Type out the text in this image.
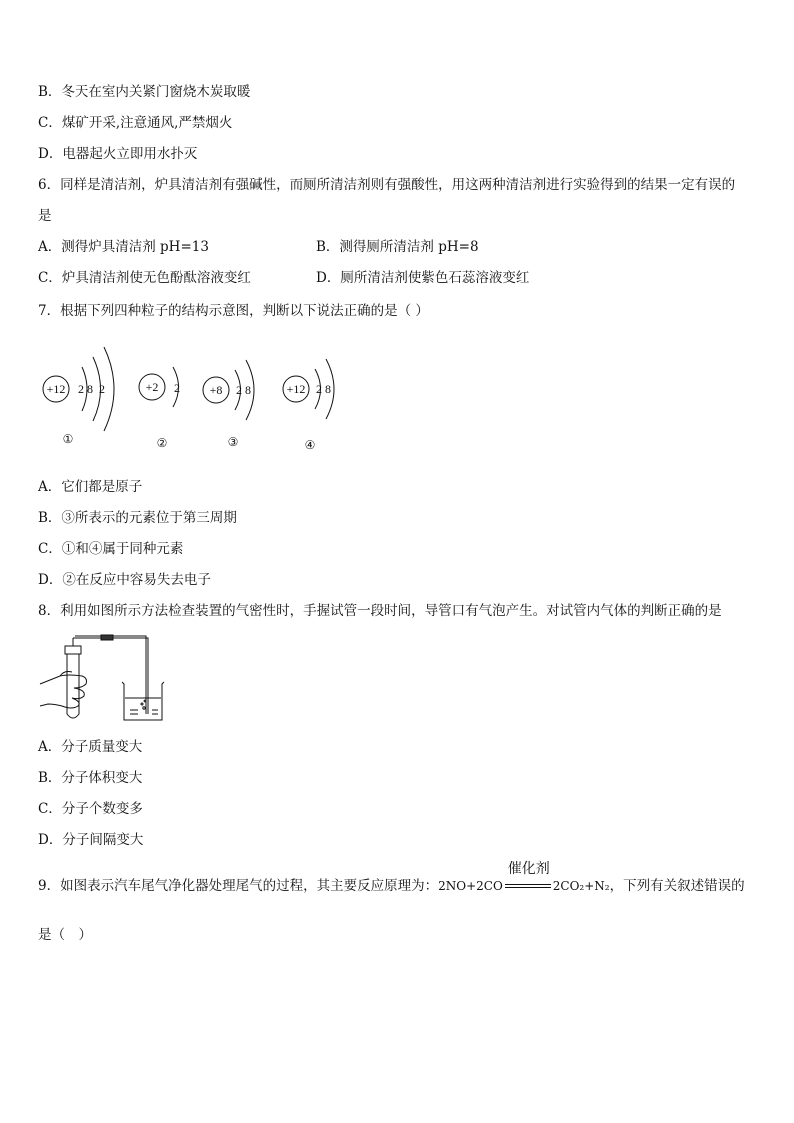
B．冬天在室内关紧门窗烧木炭取暖
C．煤矿开采,注意通风,严禁烟火
D．电器起火立即用水扑灭
6．同样是清洁剂，炉具清洁剂有强碱性，而厕所清洁剂则有强酸性，用这两种清洁剂进行实验得到的结果一定有误的
是
A．测得炉具清洁剂 pH=13	B．测得厕所清洁剂 pH=8
C．炉具清洁剂使无色酚酞溶液变红	D．厕所清洁剂使紫色石蕊溶液变红
7．根据下列四种粒子的结构示意图，判断以下说法正确的是（ ）
+12 2 8  2
①
+2 2
②
+8 2 8
③
+12 2 8
④
A．它们都是原子
B．③所表示的元素位于第三周期
C．①和④属于同种元素
D．②在反应中容易失去电子
8．利用如图所示方法检查装置的气密性时，手握试管一段时间，导管口有气泡产生。对试管内气体的判断正确的是
A．分子质量变大
B．分子体积变大
C．分子个数变多
D．分子间隔变大
9．如图表示汽车尾气净化器处理尾气的过程，其主要反应原理为：2NO+2CO
催化剂
2CO₂+N₂，下列有关叙述错误的
是（　）
